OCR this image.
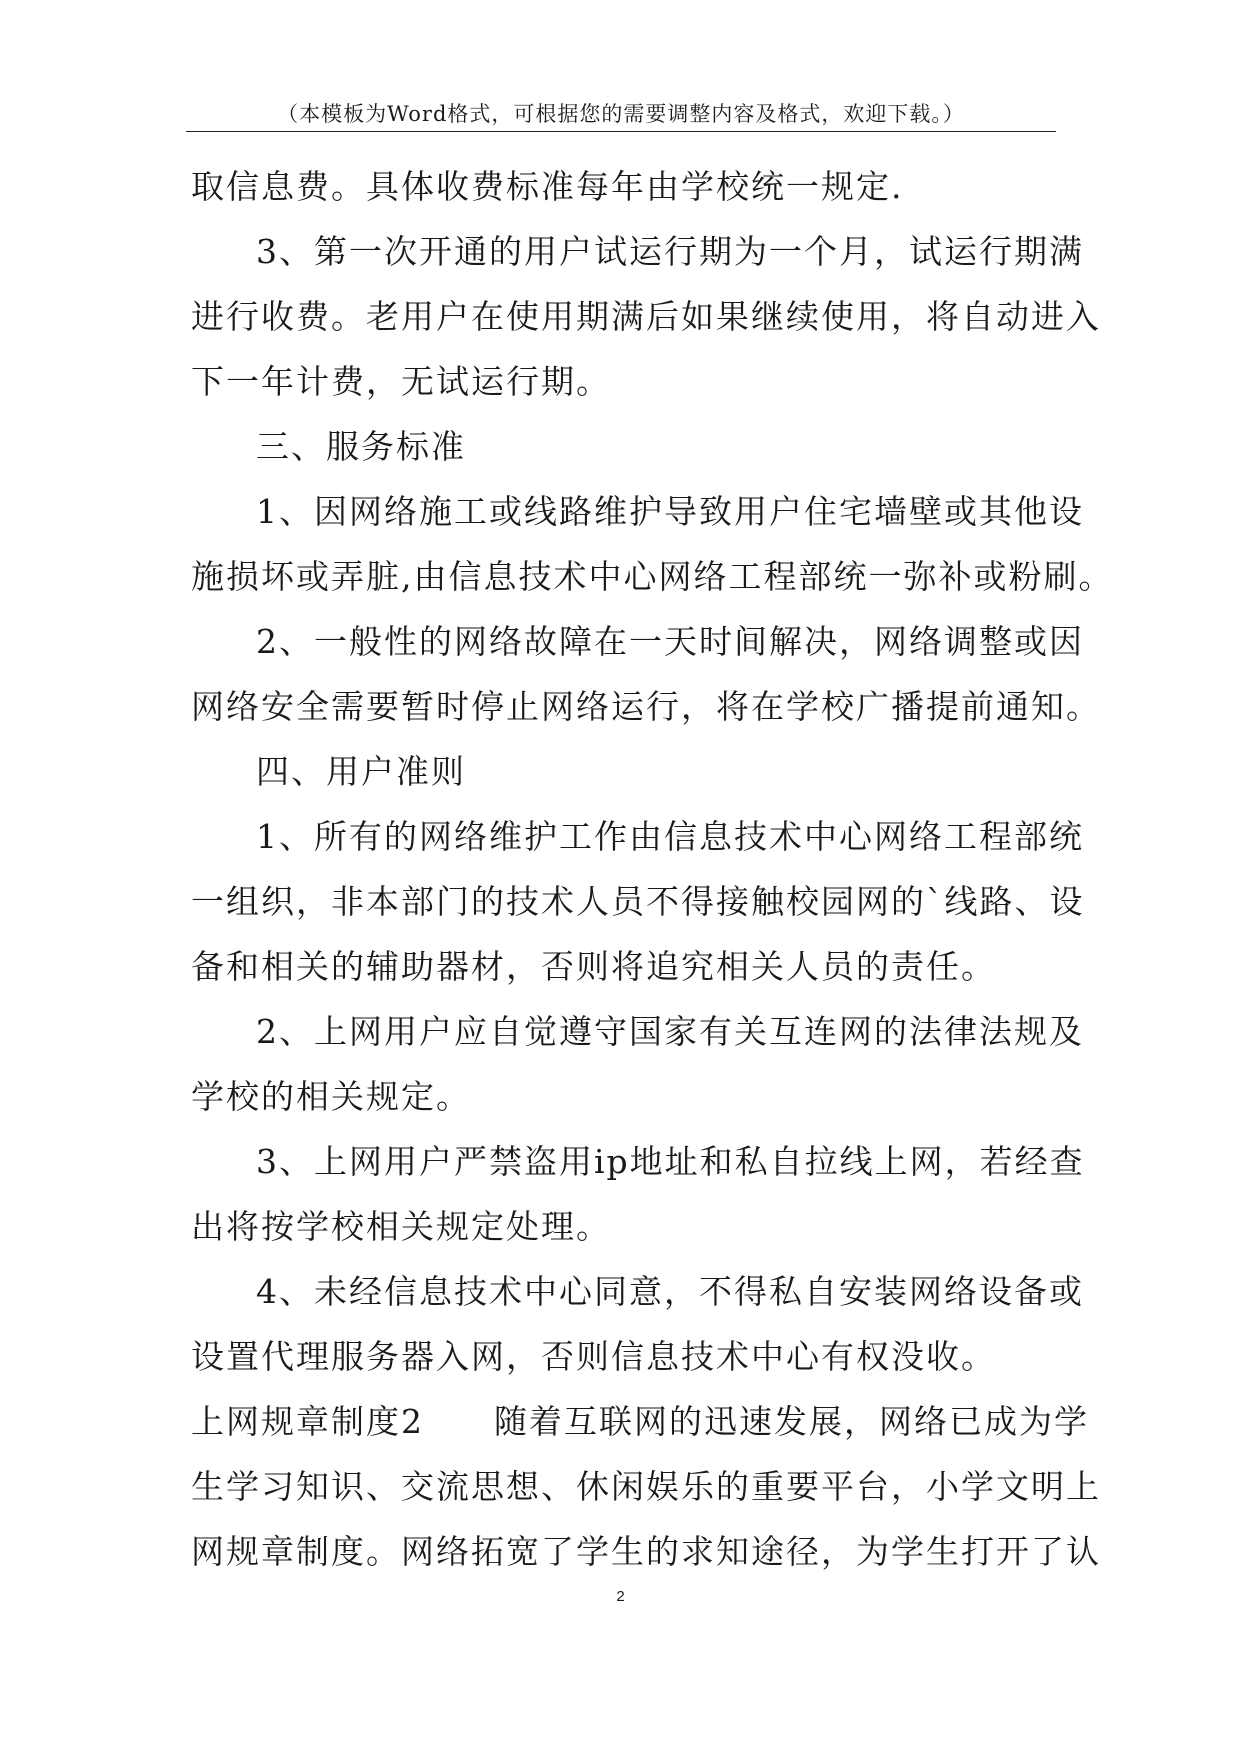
（本模板为Word格式，可根据您的需要调整内容及格式，欢迎下载。）
取信息费。具体收费标准每年由学校统一规定.
3、第一次开通的用户试运行期为一个月，试运行期满
进行收费。老用户在使用期满后如果继续使用，将自动进入
下一年计费，无试运行期。
三、服务标准
1、因网络施工或线路维护导致用户住宅墙壁或其他设
施损坏或弄脏,由信息技术中心网络工程部统一弥补或粉刷。
2、一般性的网络故障在一天时间解决，网络调整或因
网络安全需要暂时停止网络运行，将在学校广播提前通知。
四、用户准则
1、所有的网络维护工作由信息技术中心网络工程部统
一组织，非本部门的技术人员不得接触校园网的`线路、设
备和相关的辅助器材，否则将追究相关人员的责任。
2、上网用户应自觉遵守国家有关互连网的法律法规及
学校的相关规定。
3、上网用户严禁盗用ip地址和私自拉线上网，若经查
出将按学校相关规定处理。
4、未经信息技术中心同意，不得私自安装网络设备或
设置代理服务器入网，否则信息技术中心有权没收。
上网规章制度2　　随着互联网的迅速发展，网络已成为学
生学习知识、交流思想、休闲娱乐的重要平台，小学文明上
网规章制度。网络拓宽了学生的求知途径，为学生打开了认
2
